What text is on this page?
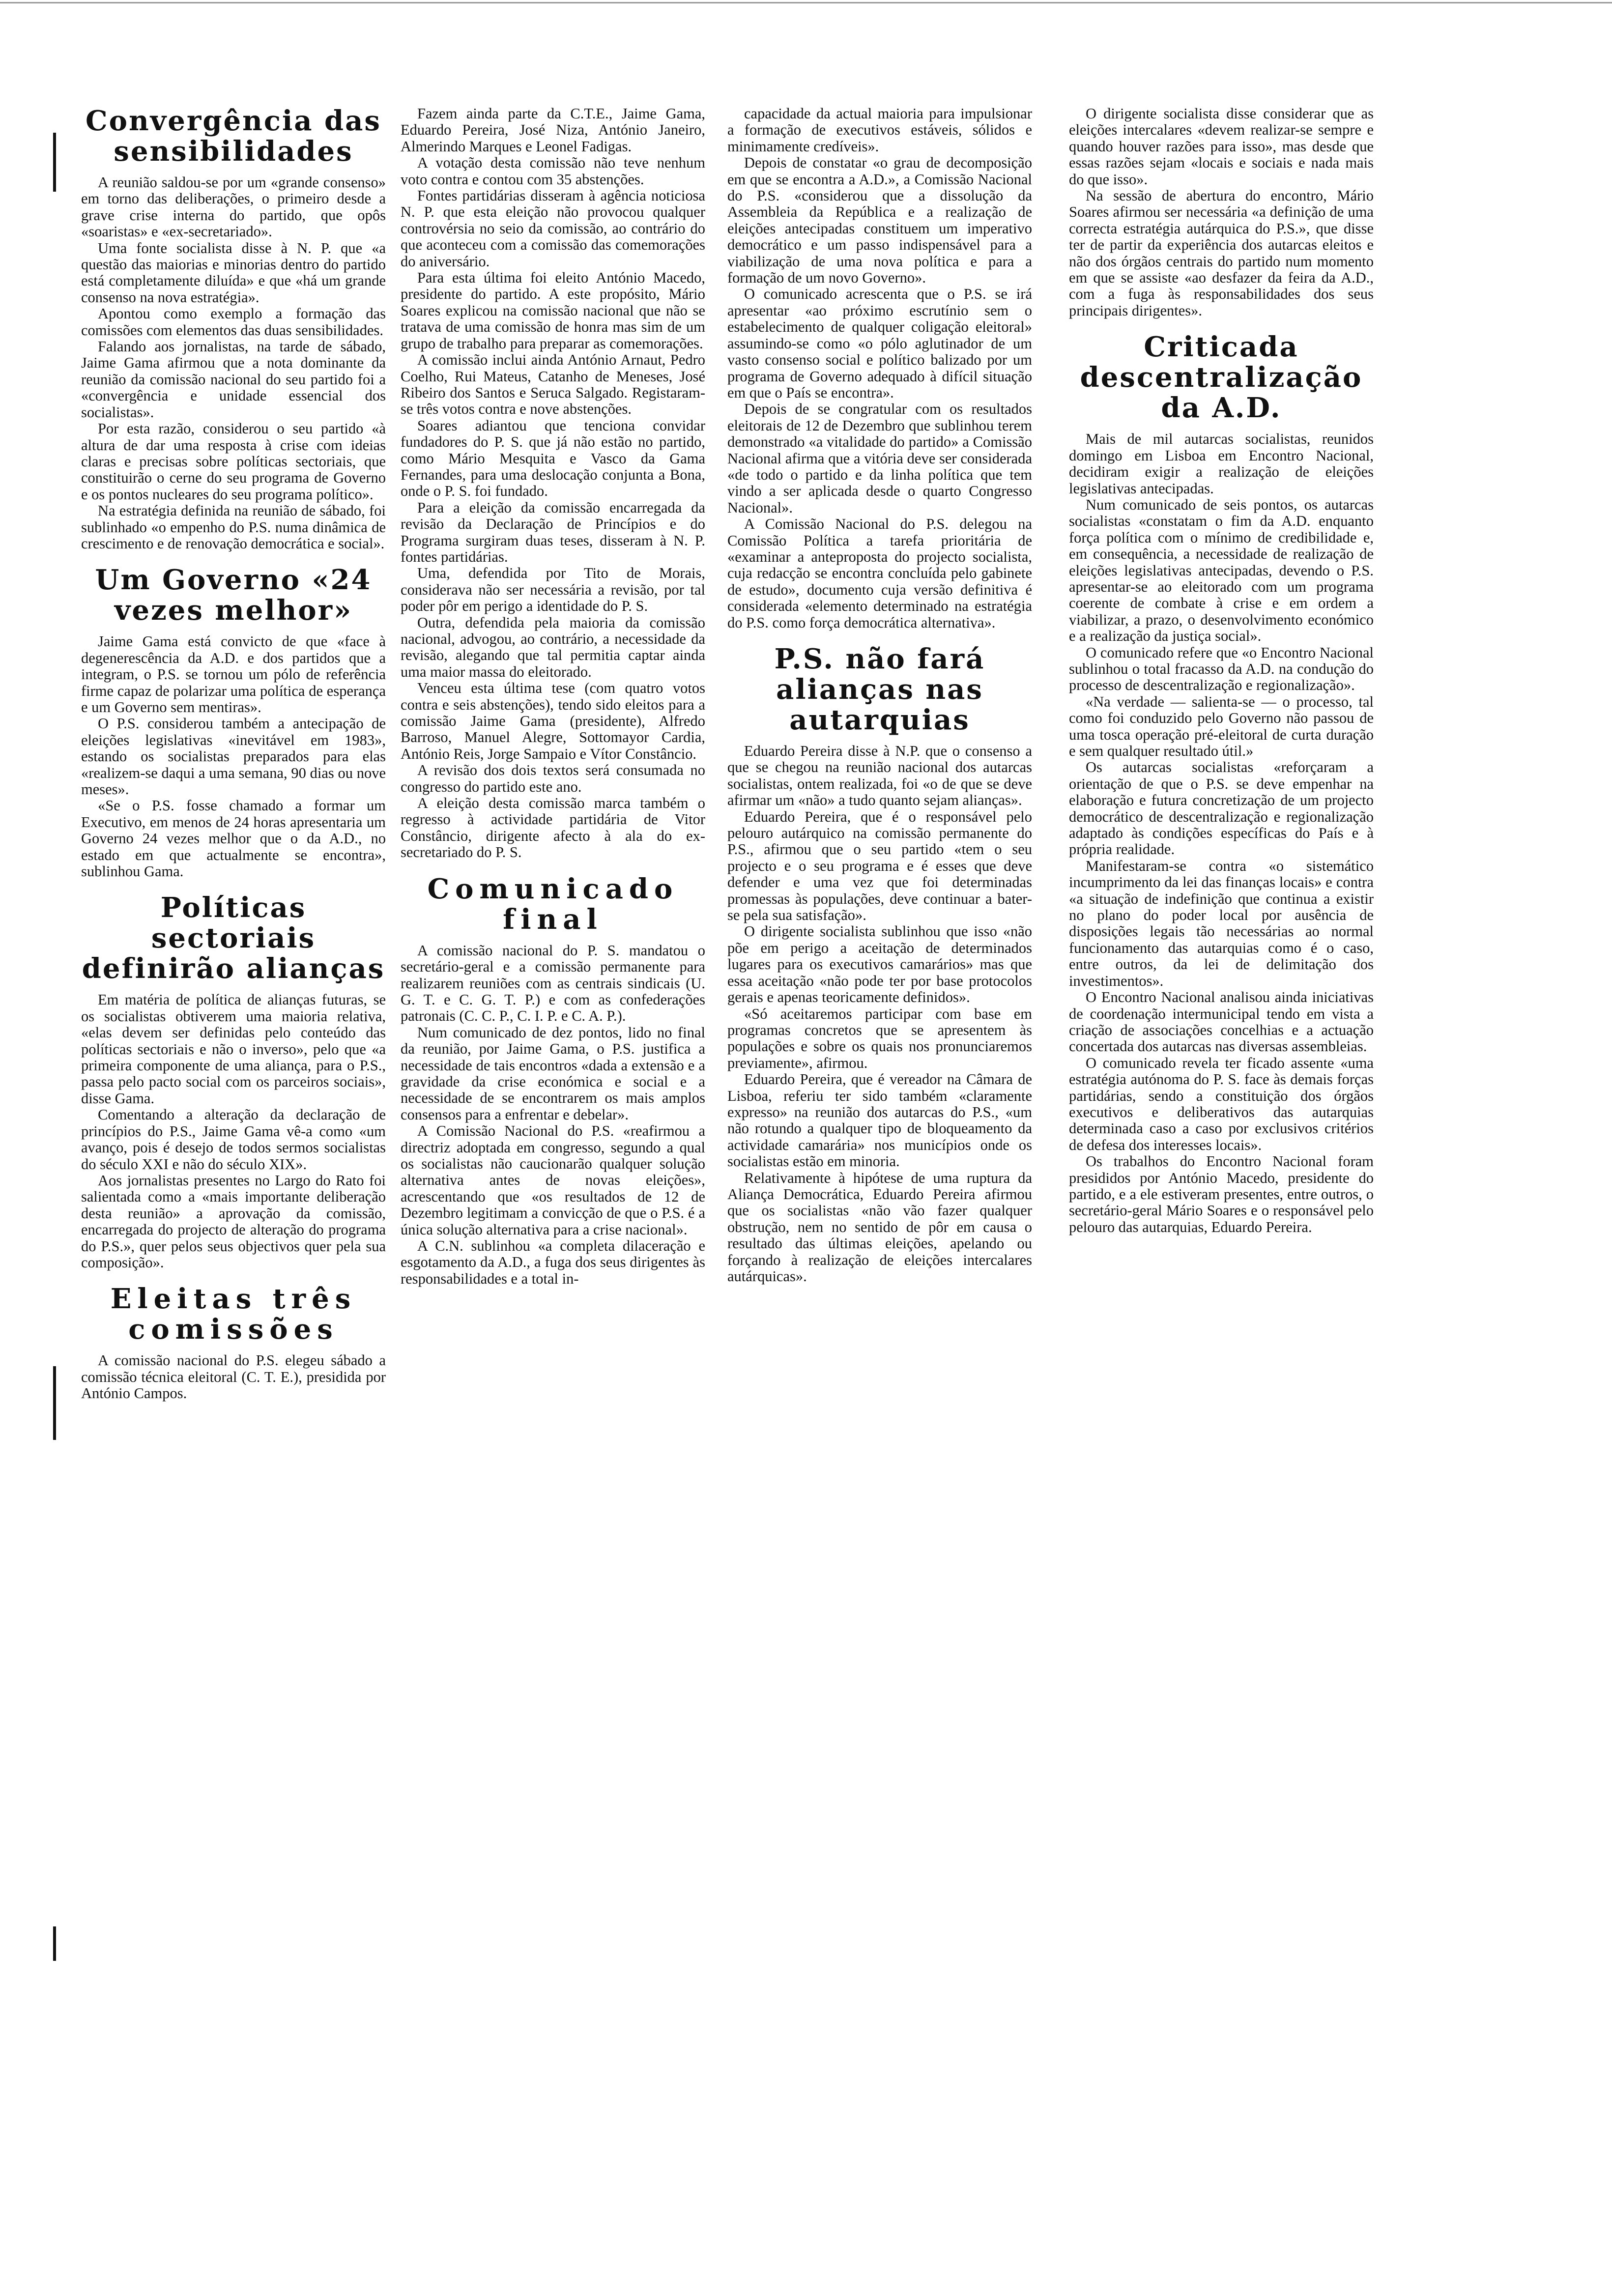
Convergência das sensibilidades

A reunião saldou-se por um «grande consenso» em torno das deliberações, o primeiro desde a grave crise interna do partido, que opôs «soaristas» e «ex-secretariado».

Uma fonte socialista disse à N. P. que «a questão das maiorias e minorias dentro do partido está completamente diluída» e que «há um grande consenso na nova estratégia».

Apontou como exemplo a formação das comissões com elementos das duas sensibilidades.

Falando aos jornalistas, na tarde de sábado, Jaime Gama afirmou que a nota dominante da reunião da comissão nacional do seu partido foi a «convergência e unidade essencial dos socialistas».

Por esta razão, considerou o seu partido «à altura de dar uma resposta à crise com ideias claras e precisas sobre políticas sectoriais, que constituirão o cerne do seu programa de Governo e os pontos nucleares do seu programa político».

Na estratégia definida na reunião de sábado, foi sublinhado «o empenho do P.S. numa dinâmica de crescimento e de renovação democrática e social».

Um Governo «24 vezes melhor»

Jaime Gama está convicto de que «face à degenerescência da A.D. e dos partidos que a integram, o P.S. se tornou um pólo de referência firme capaz de polarizar uma política de esperança e um Governo sem mentiras».

O P.S. considerou também a antecipação de eleições legislativas «inevitável em 1983», estando os socialistas preparados para elas «realizem-se daqui a uma semana, 90 dias ou nove meses».

«Se o P.S. fosse chamado a formar um Executivo, em menos de 24 horas apresentaria um Governo 24 vezes melhor que o da A.D., no estado em que actualmente se encontra», sublinhou Gama.

Políticas sectoriais definirão alianças

Em matéria de política de alianças futuras, se os socialistas obtiverem uma maioria relativa, «elas devem ser definidas pelo conteúdo das políticas sectoriais e não o inverso», pelo que «a primeira componente de uma aliança, para o P.S., passa pelo pacto social com os parceiros sociais», disse Gama.

Comentando a alteração da declaração de princípios do P.S., Jaime Gama vê-a como «um avanço, pois é desejo de todos sermos socialistas do século XXI e não do século XIX».

Aos jornalistas presentes no Largo do Rato foi salientada como a «mais importante deliberação desta reunião» a aprovação da comissão, encarregada do projecto de alteração do programa do P.S.», quer pelos seus objectivos quer pela sua composição».

Eleitas três comissões

A comissão nacional do P.S. elegeu sábado a comissão técnica eleitoral (C. T. E.), presidida por António Campos.

Fazem ainda parte da C.T.E., Jaime Gama, Eduardo Pereira, José Niza, António Janeiro, Almerindo Marques e Leonel Fadigas.

A votação desta comissão não teve nenhum voto contra e contou com 35 abstenções.

Fontes partidárias disseram à agência noticiosa N. P. que esta eleição não provocou qualquer controvérsia no seio da comissão, ao contrário do que aconteceu com a comissão das comemorações do aniversário.

Para esta última foi eleito António Macedo, presidente do partido. A este propósito, Mário Soares explicou na comissão nacional que não se tratava de uma comissão de honra mas sim de um grupo de trabalho para preparar as comemorações.

A comissão inclui ainda António Arnaut, Pedro Coelho, Rui Mateus, Catanho de Meneses, José Ribeiro dos Santos e Seruca Salgado. Registaram-se três votos contra e nove abstenções.

Soares adiantou que tenciona convidar fundadores do P. S. que já não estão no partido, como Mário Mesquita e Vasco da Gama Fernandes, para uma deslocação conjunta a Bona, onde o P. S. foi fundado.

Para a eleição da comissão encarregada da revisão da Declaração de Princípios e do Programa surgiram duas teses, disseram à N. P. fontes partidárias.

Uma, defendida por Tito de Morais, considerava não ser necessária a revisão, por tal poder pôr em perigo a identidade do P. S.

Outra, defendida pela maioria da comissão nacional, advogou, ao contrário, a necessidade da revisão, alegando que tal permitia captar ainda uma maior massa do eleitorado.

Venceu esta última tese (com quatro votos contra e seis abstenções), tendo sido eleitos para a comissão Jaime Gama (presidente), Alfredo Barroso, Manuel Alegre, Sottomayor Cardia, António Reis, Jorge Sampaio e Vítor Constâncio.

A revisão dos dois textos será consumada no congresso do partido este ano.

A eleição desta comissão marca também o regresso à actividade partidária de Vitor Constâncio, dirigente afecto à ala do ex-secretariado do P. S.

Comunicado final

A comissão nacional do P. S. mandatou o secretário-geral e a comissão permanente para realizarem reuniões com as centrais sindicais (U. G. T. e C. G. T. P.) e com as confederações patronais (C. C. P., C. I. P. e C. A. P.).

Num comunicado de dez pontos, lido no final da reunião, por Jaime Gama, o P.S. justifica a necessidade de tais encontros «dada a extensão e a gravidade da crise económica e social e a necessidade de se encontrarem os mais amplos consensos para a enfrentar e debelar».

A Comissão Nacional do P.S. «reafirmou a directriz adoptada em congresso, segundo a qual os socialistas não caucionarão qualquer solução alternativa antes de novas eleições», acrescentando que «os resultados de 12 de Dezembro legitimam a convicção de que o P.S. é a única solução alternativa para a crise nacional».

A C.N. sublinhou «a completa dilaceração e esgotamento da A.D., a fuga dos seus dirigentes às responsabilidades e a total in-

capacidade da actual maioria para impulsionar a formação de executivos estáveis, sólidos e minimamente credíveis».

Depois de constatar «o grau de decomposição em que se encontra a A.D.», a Comissão Nacional do P.S. «considerou que a dissolução da Assembleia da República e a realização de eleições antecipadas constituem um imperativo democrático e um passo indispensável para a viabilização de uma nova política e para a formação de um novo Governo».

O comunicado acrescenta que o P.S. se irá apresentar «ao próximo escrutínio sem o estabelecimento de qualquer coligação eleitoral» assumindo-se como «o pólo aglutinador de um vasto consenso social e político balizado por um programa de Governo adequado à difícil situação em que o País se encontra».

Depois de se congratular com os resultados eleitorais de 12 de Dezembro que sublinhou terem demonstrado «a vitalidade do partido» a Comissão Nacional afirma que a vitória deve ser considerada «de todo o partido e da linha política que tem vindo a ser aplicada desde o quarto Congresso Nacional».

A Comissão Nacional do P.S. delegou na Comissão Política a tarefa prioritária de «examinar a anteproposta do projecto socialista, cuja redacção se encontra concluída pelo gabinete de estudo», documento cuja versão definitiva é considerada «elemento determinado na estratégia do P.S. como força democrática alternativa».

P.S. não fará alianças nas autarquias

Eduardo Pereira disse à N.P. que o consenso a que se chegou na reunião nacional dos autarcas socialistas, ontem realizada, foi «o de que se deve afirmar um «não» a tudo quanto sejam alianças».

Eduardo Pereira, que é o responsável pelo pelouro autárquico na comissão permanente do P.S., afirmou que o seu partido «tem o seu projecto e o seu programa e é esses que deve defender e uma vez que foi determinadas promessas às populações, deve continuar a bater-se pela sua satisfação».

O dirigente socialista sublinhou que isso «não põe em perigo a aceitação de determinados lugares para os executivos camarários» mas que essa aceitação «não pode ter por base protocolos gerais e apenas teoricamente definidos».

«Só aceitaremos participar com base em programas concretos que se apresentem às populações e sobre os quais nos pronunciaremos previamente», afirmou.

Eduardo Pereira, que é vereador na Câmara de Lisboa, referiu ter sido também «claramente expresso» na reunião dos autarcas do P.S., «um não rotundo a qualquer tipo de bloqueamento da actividade camarária» nos municípios onde os socialistas estão em minoria.

Relativamente à hipótese de uma ruptura da Aliança Democrática, Eduardo Pereira afirmou que os socialistas «não vão fazer qualquer obstrução, nem no sentido de pôr em causa o resultado das últimas eleições, apelando ou forçando à realização de eleições intercalares autárquicas».

O dirigente socialista disse considerar que as eleições intercalares «devem realizar-se sempre e quando houver razões para isso», mas desde que essas razões sejam «locais e sociais e nada mais do que isso».

Na sessão de abertura do encontro, Mário Soares afirmou ser necessária «a definição de uma correcta estratégia autárquica do P.S.», que disse ter de partir da experiência dos autarcas eleitos e não dos órgãos centrais do partido num momento em que se assiste «ao desfazer da feira da A.D., com a fuga às responsabilidades dos seus principais dirigentes».

Criticada descentralização da A.D.

Mais de mil autarcas socialistas, reunidos domingo em Lisboa em Encontro Nacional, decidiram exigir a realização de eleições legislativas antecipadas.

Num comunicado de seis pontos, os autarcas socialistas «constatam o fim da A.D. enquanto força política com o mínimo de credibilidade e, em consequência, a necessidade de realização de eleições legislativas antecipadas, devendo o P.S. apresentar-se ao eleitorado com um programa coerente de combate à crise e em ordem a viabilizar, a prazo, o desenvolvimento económico e a realização da justiça social».

O comunicado refere que «o Encontro Nacional sublinhou o total fracasso da A.D. na condução do processo de descentralização e regionalização».

«Na verdade — salienta-se — o processo, tal como foi conduzido pelo Governo não passou de uma tosca operação pré-eleitoral de curta duração e sem qualquer resultado útil.»

Os autarcas socialistas «reforçaram a orientação de que o P.S. se deve empenhar na elaboração e futura concretização de um projecto democrático de descentralização e regionalização adaptado às condições específicas do País e à própria realidade.

Manifestaram-se contra «o sistemático incumprimento da lei das finanças locais» e contra «a situação de indefinição que continua a existir no plano do poder local por ausência de disposições legais tão necessárias ao normal funcionamento das autarquias como é o caso, entre outros, da lei de delimitação dos investimentos».

O Encontro Nacional analisou ainda iniciativas de coordenação intermunicipal tendo em vista a criação de associações concelhias e a actuação concertada dos autarcas nas diversas assembleias.

O comunicado revela ter ficado assente «uma estratégia autónoma do P. S. face às demais forças partidárias, sendo a constituição dos órgãos executivos e deliberativos das autarquias determinada caso a caso por exclusivos critérios de defesa dos interesses locais».

Os trabalhos do Encontro Nacional foram presididos por António Macedo, presidente do partido, e a ele estiveram presentes, entre outros, o secretário-geral Mário Soares e o responsável pelo pelouro das autarquias, Eduardo Pereira.
